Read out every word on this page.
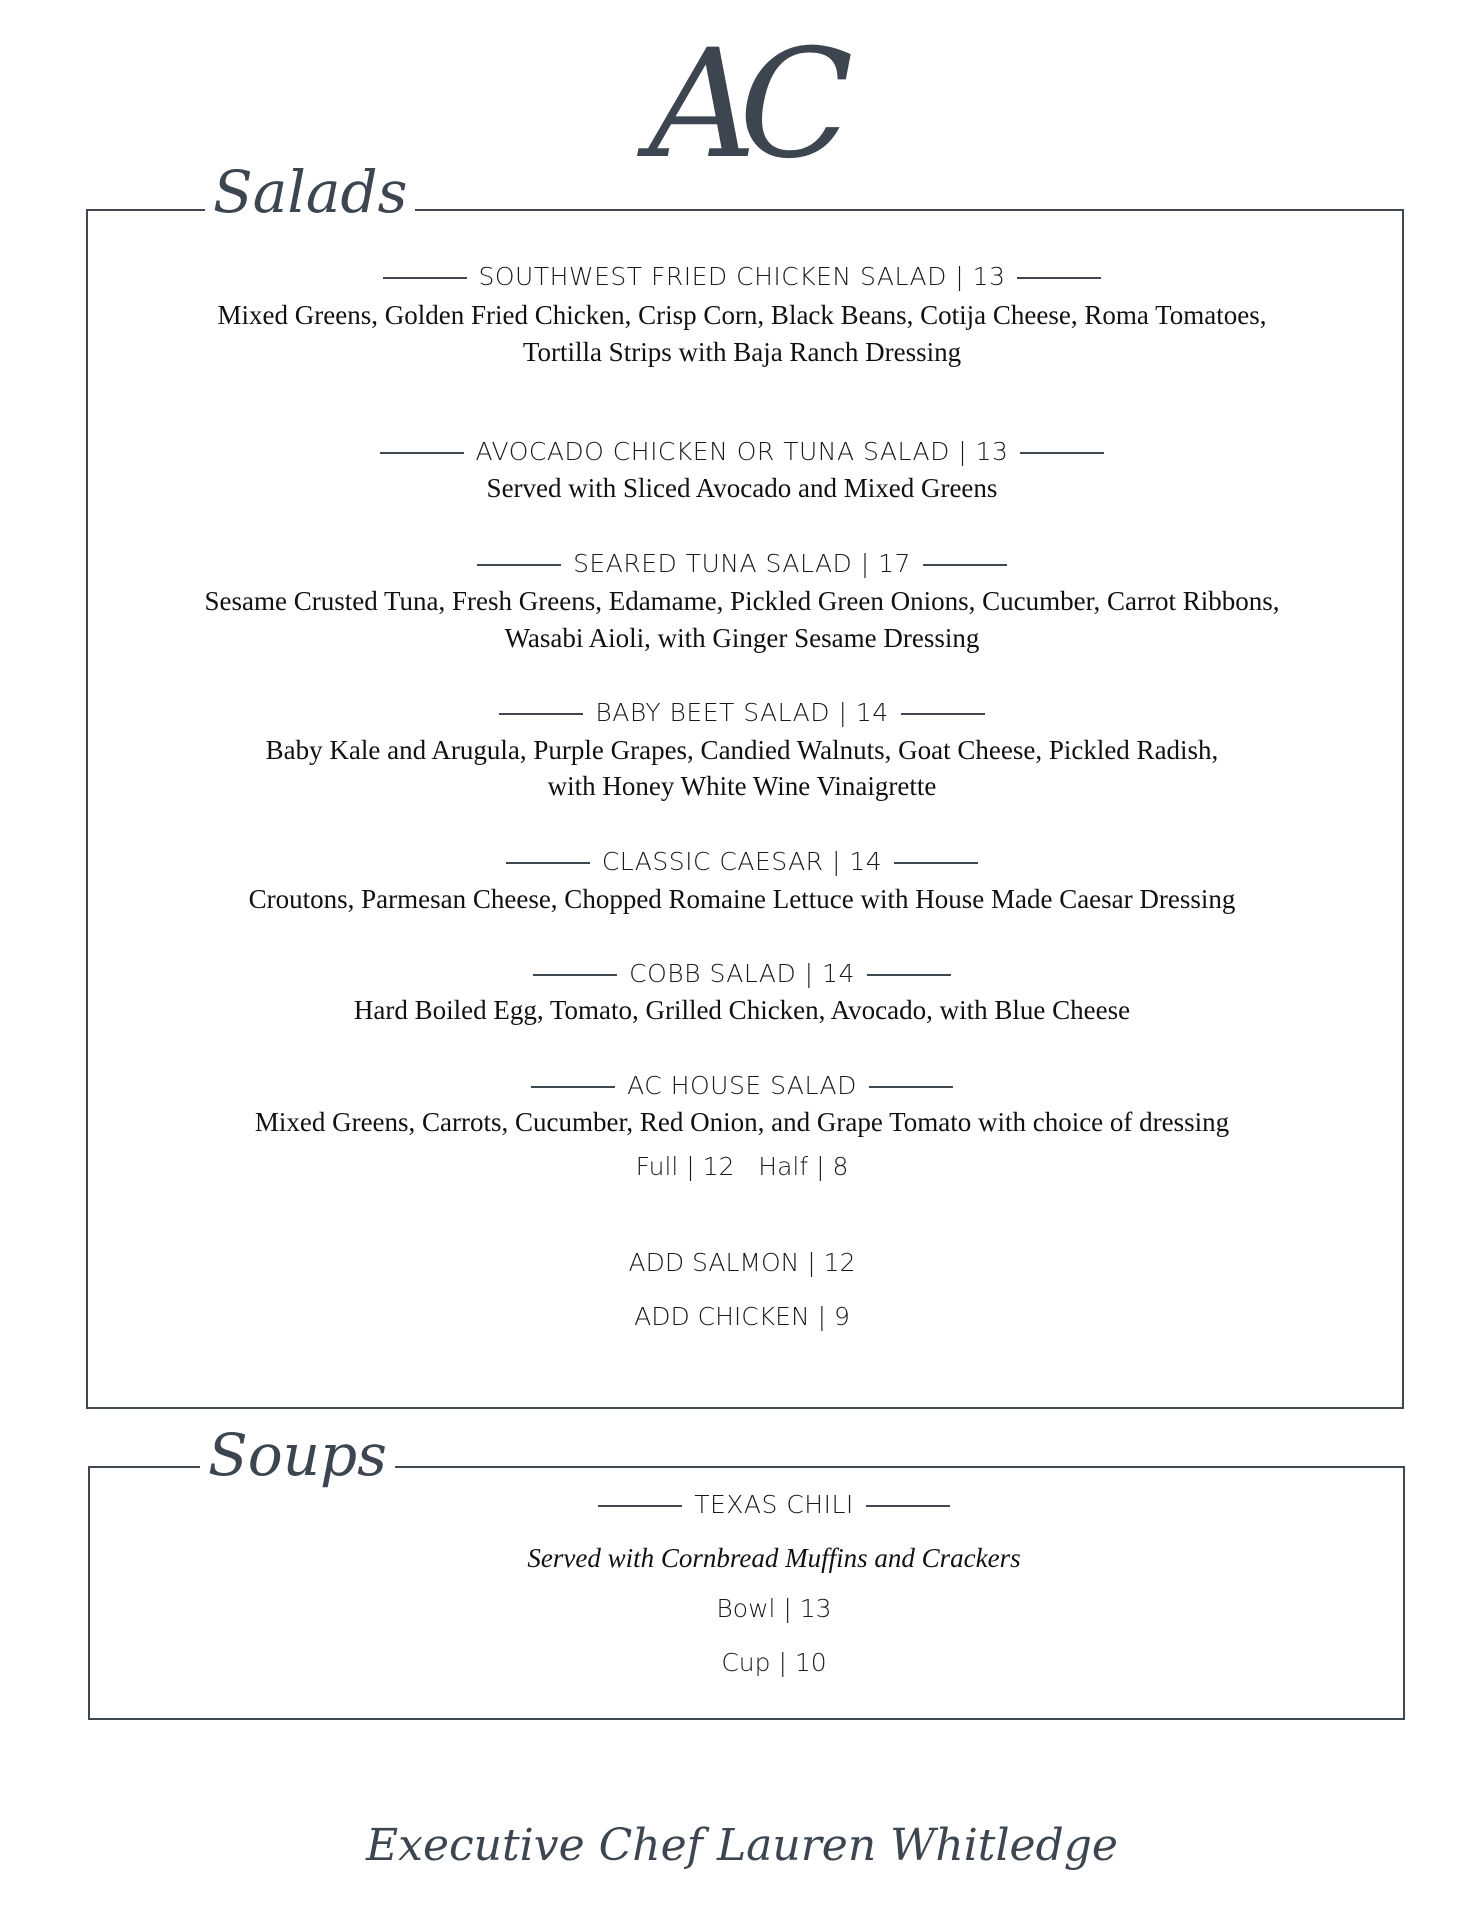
AC
Salads
SOUTHWEST FRIED CHICKEN SALAD | 13
Mixed Greens, Golden Fried Chicken, Crisp Corn, Black Beans, Cotija Cheese, Roma Tomatoes,
Tortilla Strips with Baja Ranch Dressing
AVOCADO CHICKEN OR TUNA SALAD | 13
Served with Sliced Avocado and Mixed Greens
SEARED TUNA SALAD | 17
Sesame Crusted Tuna, Fresh Greens, Edamame, Pickled Green Onions, Cucumber, Carrot Ribbons,
Wasabi Aioli, with Ginger Sesame Dressing
BABY BEET SALAD | 14
Baby Kale and Arugula, Purple Grapes, Candied Walnuts, Goat Cheese, Pickled Radish,
with Honey White Wine Vinaigrette
CLASSIC CAESAR | 14
Croutons, Parmesan Cheese, Chopped Romaine Lettuce with House Made Caesar Dressing
COBB SALAD | 14
Hard Boiled Egg, Tomato, Grilled Chicken, Avocado, with Blue Cheese
AC HOUSE SALAD
Mixed Greens, Carrots, Cucumber, Red Onion, and Grape Tomato with choice of dressing
Full | 12   Half | 8
ADD SALMON | 12
ADD CHICKEN | 9
Soups
TEXAS CHILI
Served with Cornbread Muffins and Crackers
Bowl | 13
Cup | 10
Executive Chef Lauren Whitledge
